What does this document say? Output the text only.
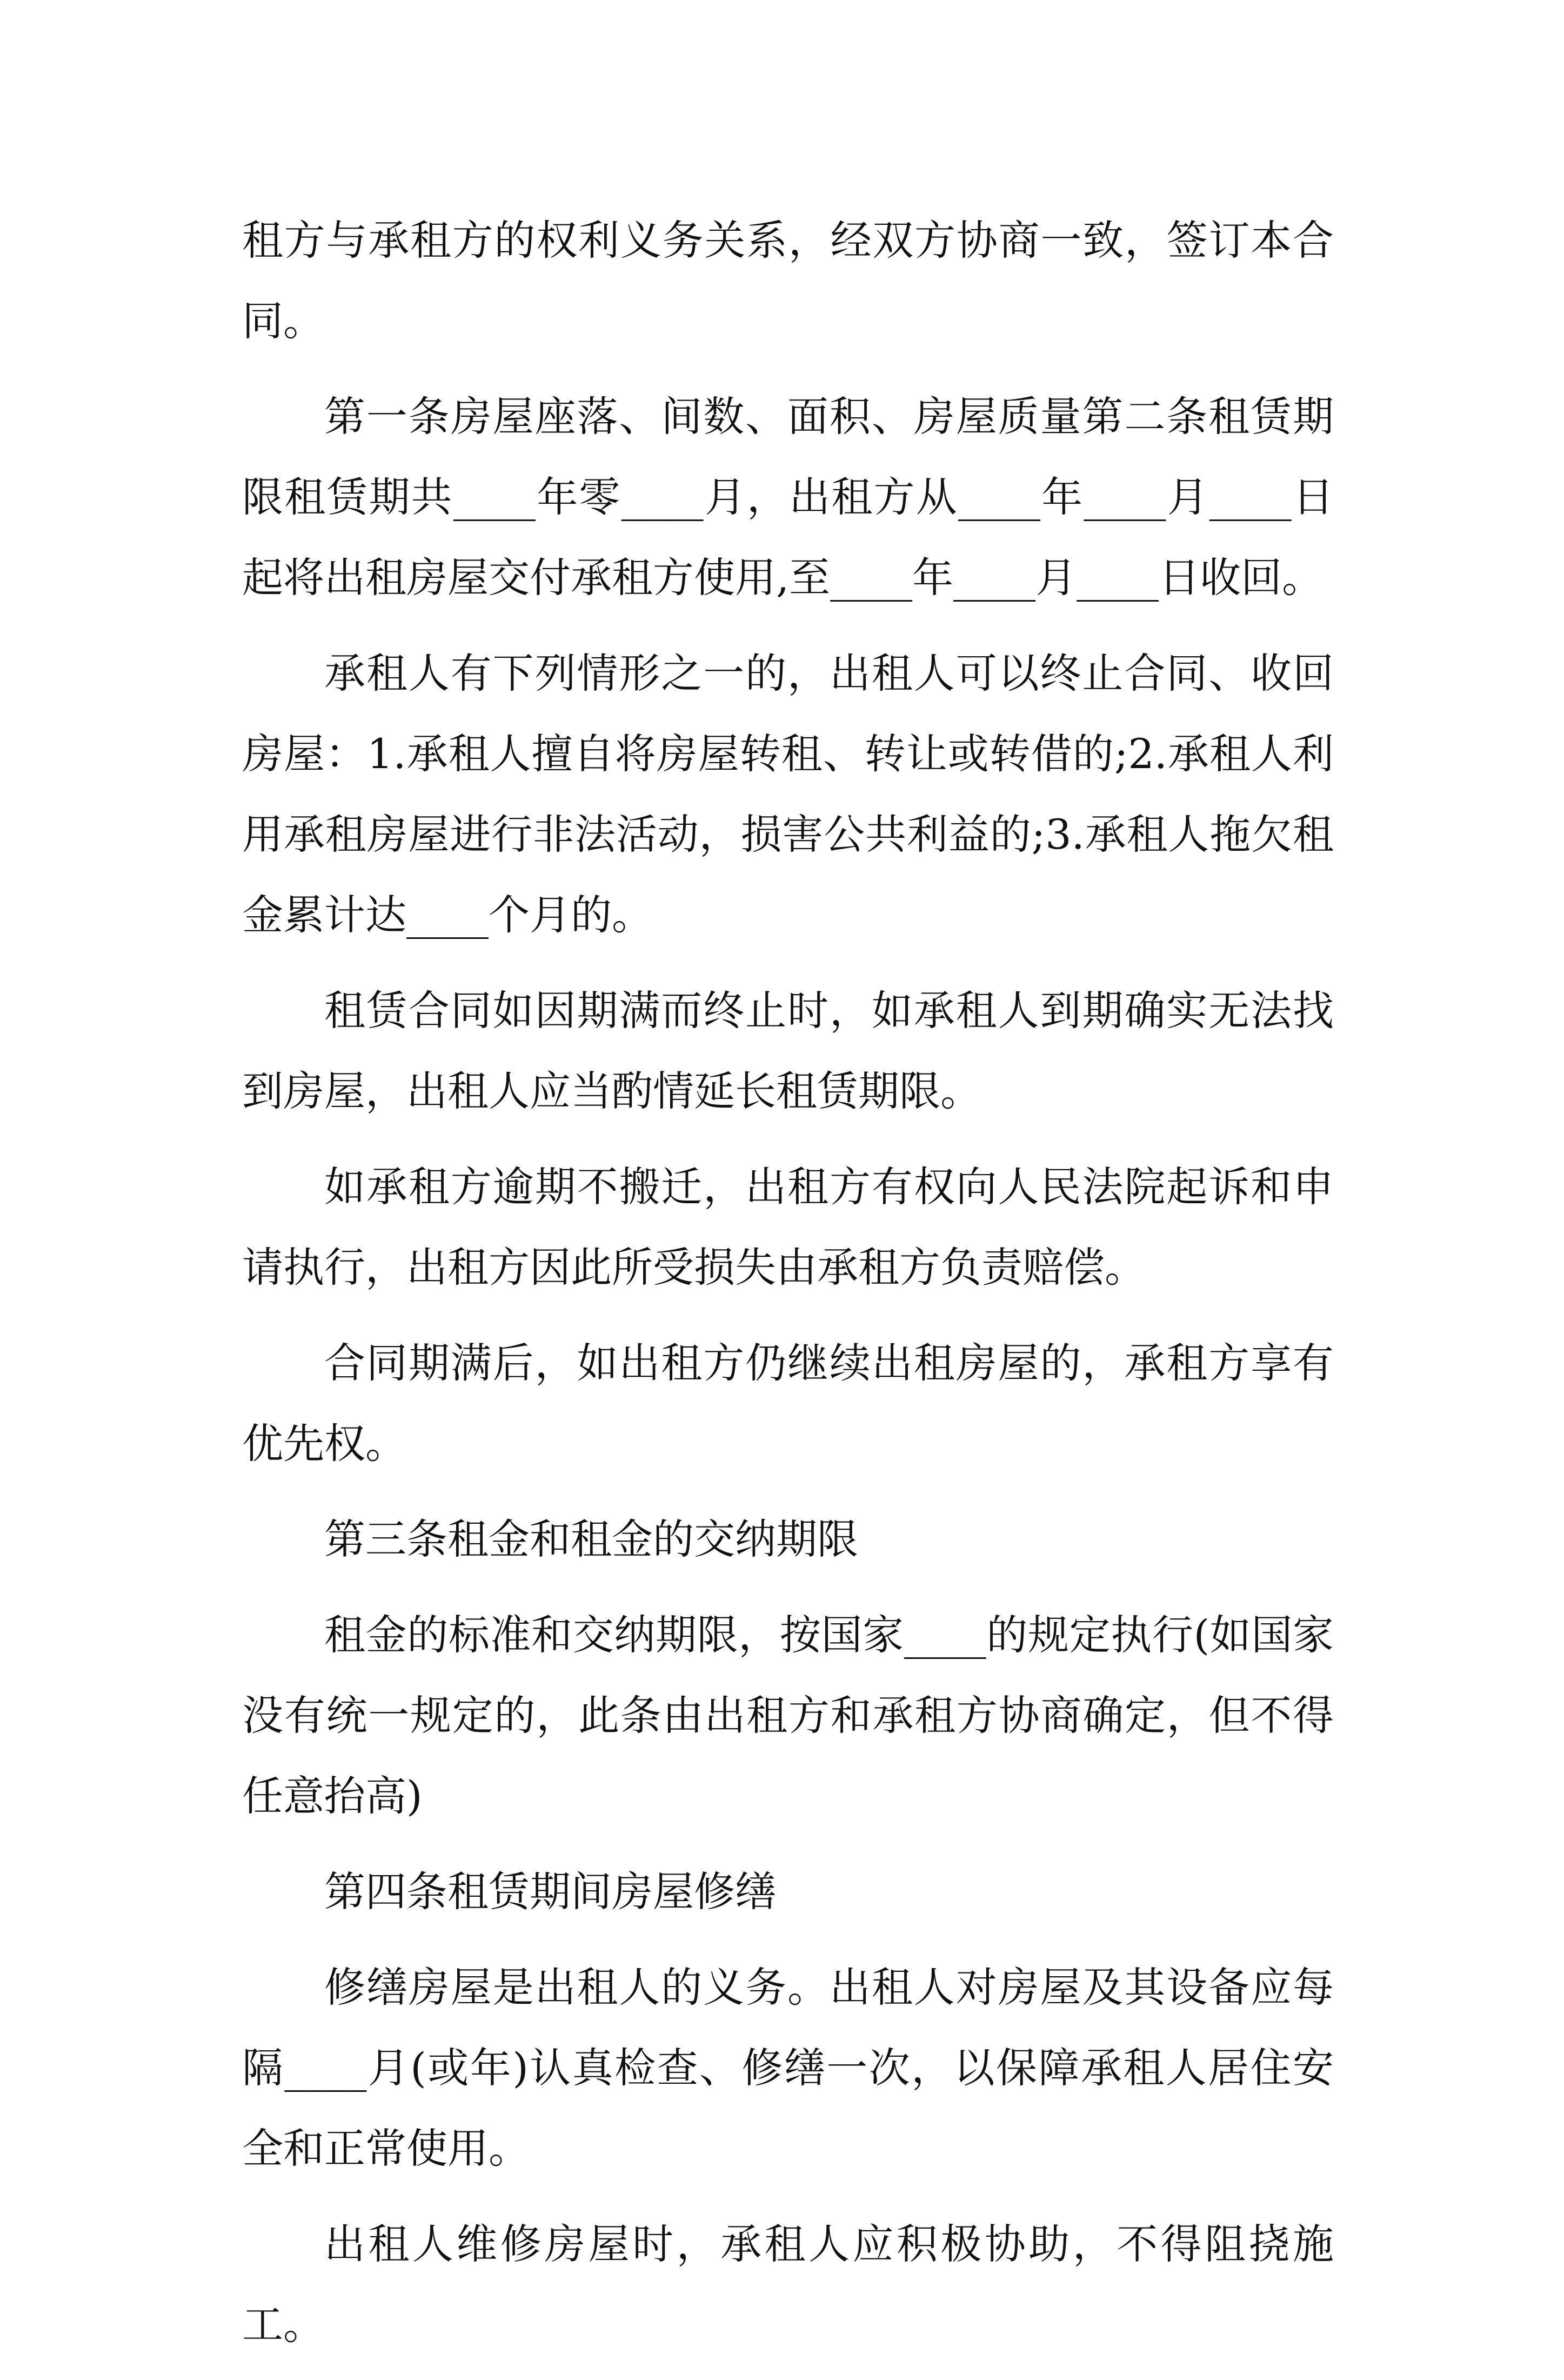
租方与承租方的权利义务关系，经双方协商一致，签订本合同。

第一条房屋座落、间数、面积、房屋质量第二条租赁期限租赁期共____年零____月，出租方从____年____月____日起将出租房屋交付承租方使用,至____年____月____日收回。

承租人有下列情形之一的，出租人可以终止合同、收回房屋：1.承租人擅自将房屋转租、转让或转借的;2.承租人利用承租房屋进行非法活动，损害公共利益的;3.承租人拖欠租金累计达____个月的。

租赁合同如因期满而终止时，如承租人到期确实无法找到房屋，出租人应当酌情延长租赁期限。

如承租方逾期不搬迁，出租方有权向人民法院起诉和申请执行，出租方因此所受损失由承租方负责赔偿。

合同期满后，如出租方仍继续出租房屋的，承租方享有优先权。

第三条租金和租金的交纳期限

租金的标准和交纳期限，按国家____的规定执行(如国家没有统一规定的，此条由出租方和承租方协商确定，但不得任意抬高)

第四条租赁期间房屋修缮

修缮房屋是出租人的义务。出租人对房屋及其设备应每隔____月(或年)认真检查、修缮一次，以保障承租人居住安全和正常使用。

出租人维修房屋时，承租人应积极协助，不得阻挠施工。
